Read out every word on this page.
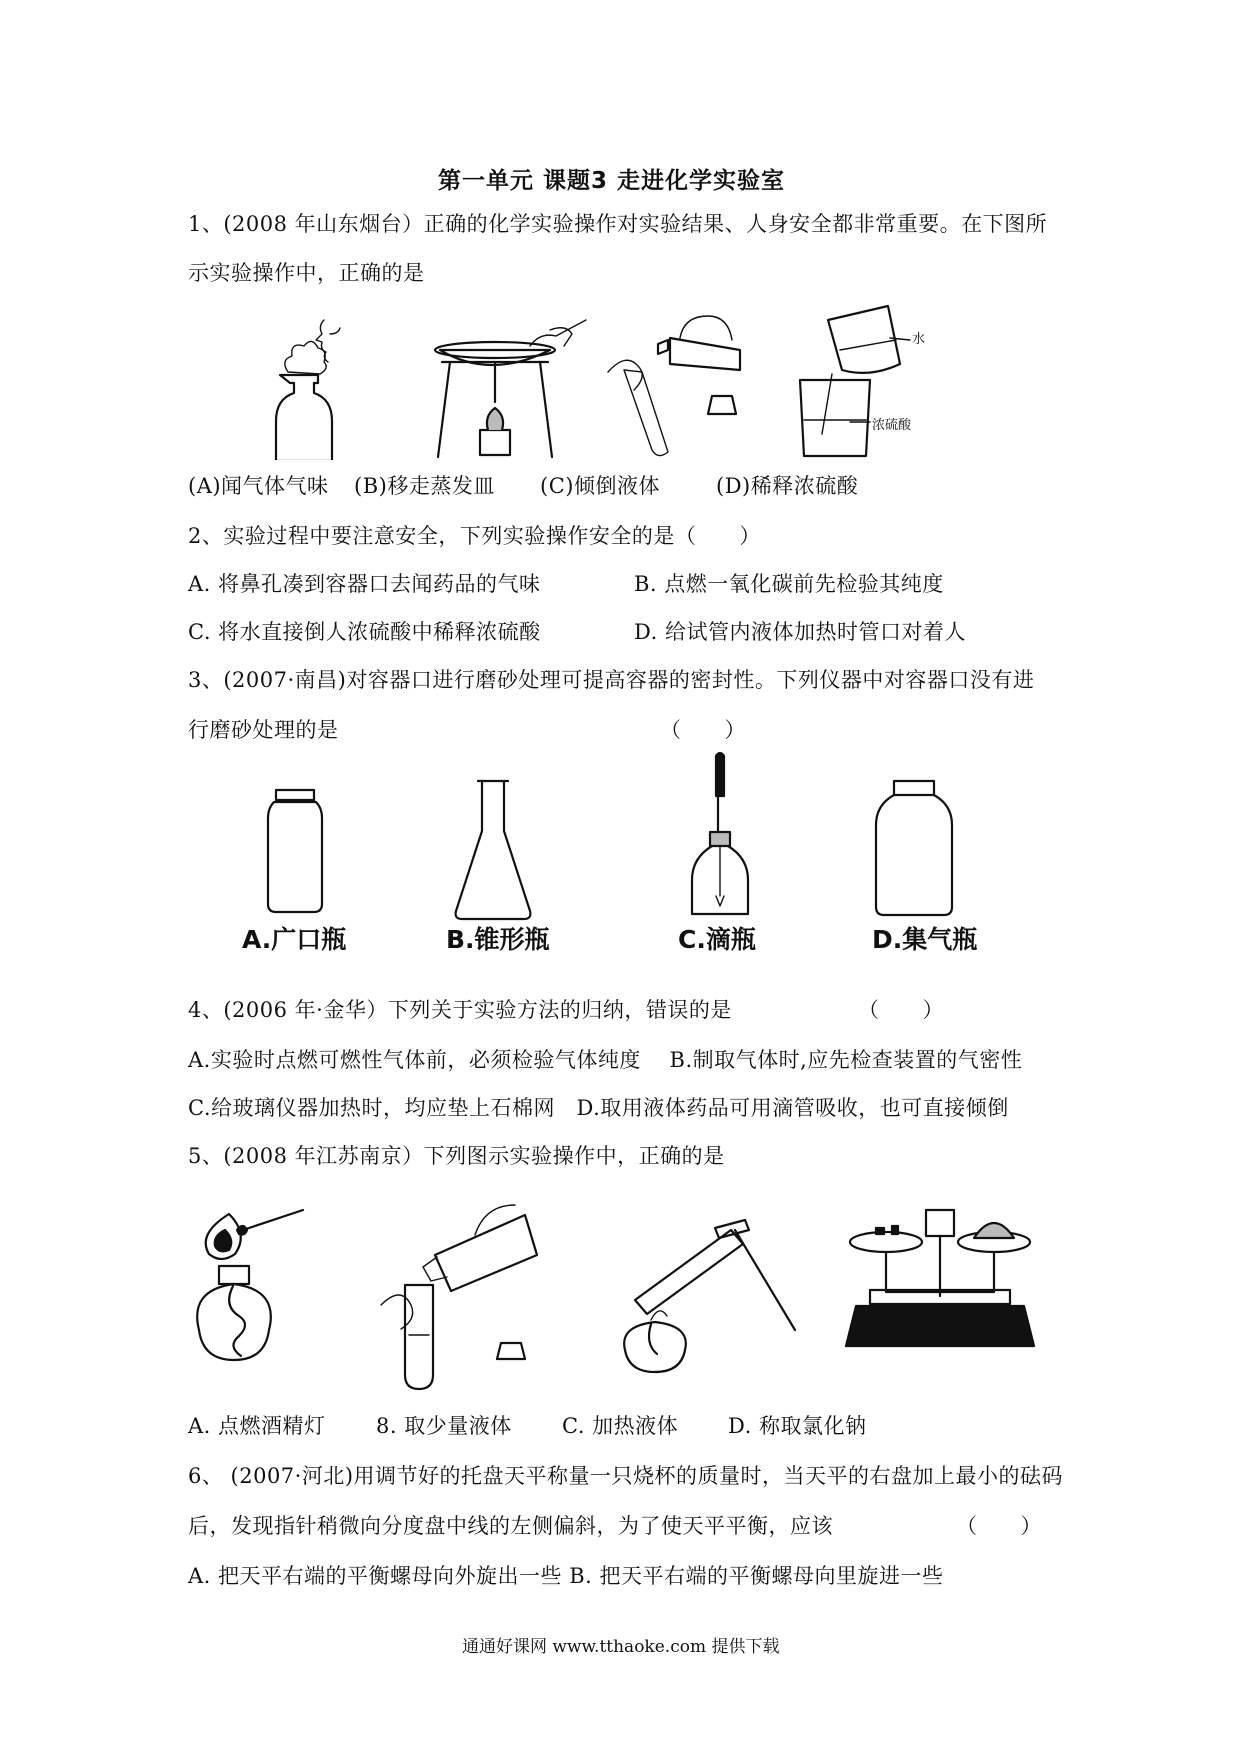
第一单元 课题3 走进化学实验室
1、(2008 年山东烟台）正确的化学实验操作对实验结果、人身安全都非常重要。在下图所
示实验操作中，正确的是
水
浓硫酸
(A)闻气体气味 (B)移走蒸发皿 (C)倾倒液体	(D)稀释浓硫酸
2、实验过程中要注意安全，下列实验操作安全的是（　　）
A. 将鼻孔凑到容器口去闻药品的气味	B. 点燃一氧化碳前先检验其纯度
C. 将水直接倒人浓硫酸中稀释浓硫酸	D. 给试管内液体加热时管口对着人
3、(2007·南昌)对容器口进行磨砂处理可提高容器的密封性。下列仪器中对容器口没有进
行磨砂处理的是	（　　）
A.广口瓶	B.锥形瓶	C.滴瓶	D.集气瓶
4、(2006 年·金华）下列关于实验方法的归纳，错误的是	（　　）
A.实验时点燃可燃性气体前，必须检验气体纯度　 B.制取气体时,应先检查装置的气密性
C.给玻璃仪器加热时，均应垫上石棉网　D.取用液体药品可用滴管吸收，也可直接倾倒
5、(2008 年江苏南京）下列图示实验操作中，正确的是
A. 点燃酒精灯 8. 取少量液体 C. 加热液体 D. 称取氯化钠
6、 (2007·河北)用调节好的托盘天平称量一只烧杯的质量时，当天平的右盘加上最小的砝码
后，发现指针稍微向分度盘中线的左侧偏斜，为了使天平平衡，应该	（　　）
A. 把天平右端的平衡螺母向外旋出一些 B. 把天平右端的平衡螺母向里旋进一些
通通好课网 www.tthaoke.com 提供下载
